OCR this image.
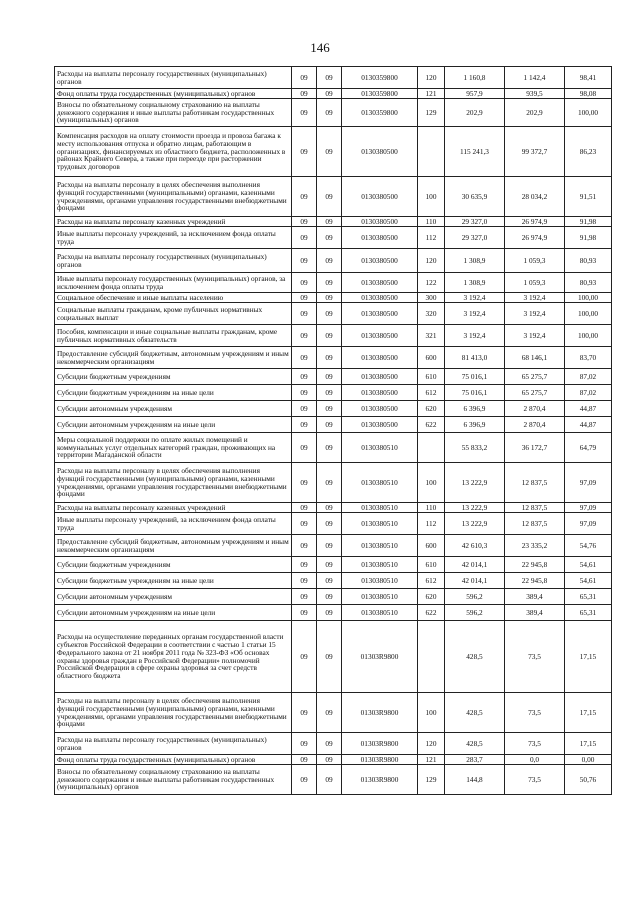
146
Расходы на выплаты персоналу государственных (муниципальных) органов	09	09	0130359800	120	1 160,8	1 142,4	98,41
Фонд оплаты труда государственных (муниципальных) органов	09	09	0130359800	121	957,9	939,5	98,08
Взносы по обязательному социальному страхованию на выплаты денежного содержания и иные выплаты работникам государственных (муниципальных) органов	09	09	0130359800	129	202,9	202,9	100,00
Компенсация расходов на оплату стоимости проезда и провоза багажа к месту использования отпуска и обратно лицам, работающим в организациях, финансируемых из областного бюджета, расположенных в районах Крайнего Севера, а также при переезде при расторжении трудовых договоров	09	09	0130380500		115 241,3	99 372,7	86,23
Расходы на выплаты персоналу в целях обеспечения выполнения функций государственными (муниципальными) органами, казенными учреждениями, органами управления государственными внебюджетными фондами	09	09	0130380500	100	30 635,9	28 034,2	91,51
Расходы на выплаты персоналу казенных учреждений	09	09	0130380500	110	29 327,0	26 974,9	91,98
Иные выплаты персоналу учреждений, за исключением фонда оплаты труда	09	09	0130380500	112	29 327,0	26 974,9	91,98
Расходы на выплаты персоналу государственных (муниципальных) органов	09	09	0130380500	120	1 308,9	1 059,3	80,93
Иные выплаты персоналу государственных (муниципальных) органов, за исключением фонда оплаты труда	09	09	0130380500	122	1 308,9	1 059,3	80,93
Социальное обеспечение и иные выплаты населению	09	09	0130380500	300	3 192,4	3 192,4	100,00
Социальные выплаты гражданам, кроме публичных нормативных социальных выплат	09	09	0130380500	320	3 192,4	3 192,4	100,00
Пособия, компенсации и иные социальные выплаты гражданам, кроме публичных нормативных обязательств	09	09	0130380500	321	3 192,4	3 192,4	100,00
Предоставление субсидий бюджетным, автономным учреждениям и иным некоммерческим организациям	09	09	0130380500	600	81 413,0	68 146,1	83,70
Субсидии бюджетным учреждениям	09	09	0130380500	610	75 016,1	65 275,7	87,02
Субсидии бюджетным учреждениям на иные цели	09	09	0130380500	612	75 016,1	65 275,7	87,02
Субсидии автономным учреждениям	09	09	0130380500	620	6 396,9	2 870,4	44,87
Субсидии автономным учреждениям на иные цели	09	09	0130380500	622	6 396,9	2 870,4	44,87
Меры социальной поддержки по оплате жилых помещений и коммунальных услуг отдельных категорий граждан, проживающих на территории Магаданской области	09	09	0130380510		55 833,2	36 172,7	64,79
Расходы на выплаты персоналу в целях обеспечения выполнения функций государственными (муниципальными) органами, казенными учреждениями, органами управления государственными внебюджетными фондами	09	09	0130380510	100	13 222,9	12 837,5	97,09
Расходы на выплаты персоналу казенных учреждений	09	09	0130380510	110	13 222,9	12 837,5	97,09
Иные выплаты персоналу учреждений, за исключением фонда оплаты труда	09	09	0130380510	112	13 222,9	12 837,5	97,09
Предоставление субсидий бюджетным, автономным учреждениям и иным некоммерческим организациям	09	09	0130380510	600	42 610,3	23 335,2	54,76
Субсидии бюджетным учреждениям	09	09	0130380510	610	42 014,1	22 945,8	54,61
Субсидии бюджетным учреждениям на иные цели	09	09	0130380510	612	42 014,1	22 945,8	54,61
Субсидии автономным учреждениям	09	09	0130380510	620	596,2	389,4	65,31
Субсидии автономным учреждениям на иные цели	09	09	0130380510	622	596,2	389,4	65,31
Расходы на осуществление переданных органам государственной власти субъектов Российской Федерации в соответствии с частью 1 статьи 15 Федерального закона от 21 ноября 2011 года № 323-ФЗ «Об основах охраны здоровья граждан в Российской Федерации» полномочий Российской Федерации в сфере охраны здоровья за счет средств областного бюджета	09	09	01303R9800		428,5	73,5	17,15
Расходы на выплаты персоналу в целях обеспечения выполнения функций государственными (муниципальными) органами, казенными учреждениями, органами управления государственными внебюджетными фондами	09	09	01303R9800	100	428,5	73,5	17,15
Расходы на выплаты персоналу государственных (муниципальных) органов	09	09	01303R9800	120	428,5	73,5	17,15
Фонд оплаты труда государственных (муниципальных) органов	09	09	01303R9800	121	283,7	0,0	0,00
Взносы по обязательному социальному страхованию на выплаты денежного содержания и иные выплаты работникам государственных (муниципальных) органов	09	09	01303R9800	129	144,8	73,5	50,76
